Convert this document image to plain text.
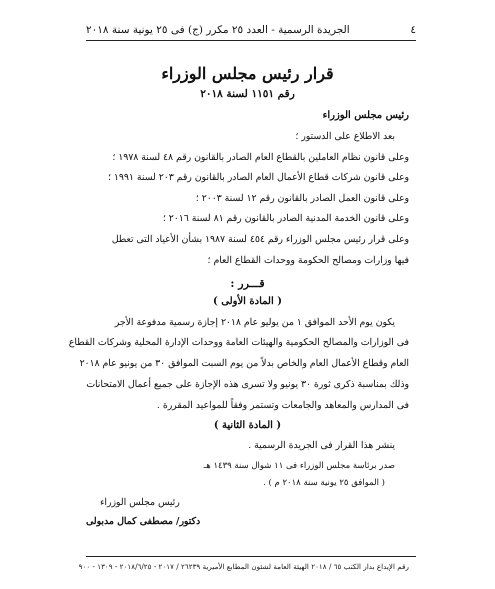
٤
الجريدة الرسمية - العدد ٢٥ مكرر (ج) فى ٢٥ يونية سنة ٢٠١٨
قرار رئيس مجلس الوزراء
رقم ١١٥١ لسنة ٢٠١٨
رئيس مجلس الوزراء
بعد الاطلاع على الدستور ؛
وعلى قانون نظام العاملين بالقطاع العام الصادر بالقانون رقم ٤٨ لسنة ١٩٧٨ ؛
وعلى قانون شركات قطاع الأعمال العام الصادر بالقانون رقم ٢٠٣ لسنة ١٩٩١ ؛
وعلى قانون العمل الصادر بالقانون رقم ١٢ لسنة ٢٠٠٣ ؛
وعلى قانون الخدمة المدنية الصادر بالقانون رقم ٨١ لسنة ٢٠١٦ ؛
وعلى قرار رئيس مجلس الوزراء رقم ٤٥٤ لسنة ١٩٨٧ بشأن الأعياد التى تعطل
فيها وزارات ومصالح الحكومة ووحدات القطاع العام ؛
قـــرر :
( المادة الأولى )
يكون يوم الأحد الموافق ١ من يوليو عام ٢٠١٨ إجازة رسمية مدفوعة الأجر
فى الوزارات والمصالح الحكومية والهيئات العامة ووحدات الإدارة المحلية وشركات القطاع
العام وقطاع الأعمال العام والخاص بدلاً من يوم السبت الموافق ٣٠ من يونيو عام ٢٠١٨
وذلك بمناسبة ذكرى ثورة ٣٠ يونيو ولا تسرى هذه الإجازة على جميع أعمال الامتحانات
فى المدارس والمعاهد والجامعات وتستمر وفقاً للمواعيد المقررة .
( المادة الثانية )
ينشر هذا القرار فى الجريدة الرسمية .
صدر برئاسة مجلس الوزراء فى ١١ شوال سنة ١٤٣٩ هـ
( الموافق ٢٥ يونية سنة ٢٠١٨ م ) .
رئيس مجلس الوزراء
دكتور/ مصطفى كمال مدبولى
رقم الإيداع بدار الكتب ٦٥ / ٢٠١٨ الهيئة العامة لشئون المطابع الأميرية ٢٦٢٣٩ / ٢٠١٧ - ٢٠١٨/٦/٢٥ - ١٣٠٩ - ٩٠٠
